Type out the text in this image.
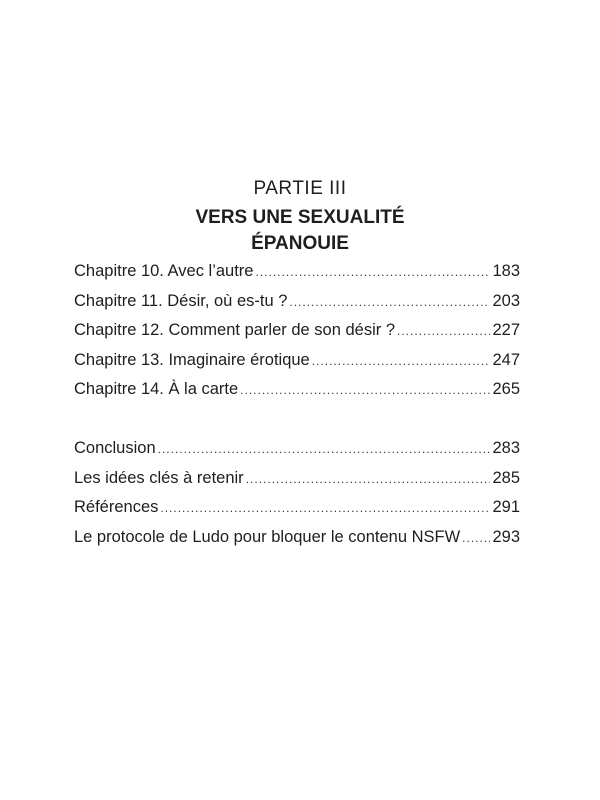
PARTIE III
VERS UNE SEXUALITÉ
ÉPANOUIE
Chapitre 10. Avec l’autre .....	183
Chapitre 11. Désir, où es-tu ? .....	203
Chapitre 12. Comment parler de son désir ? .....	227
Chapitre 13. Imaginaire érotique .....	247
Chapitre 14. À la carte .....	265
Conclusion .....	283
Les idées clés à retenir .....	285
Références .....	291
Le protocole de Ludo pour bloquer le contenu NSFW ..... 293
